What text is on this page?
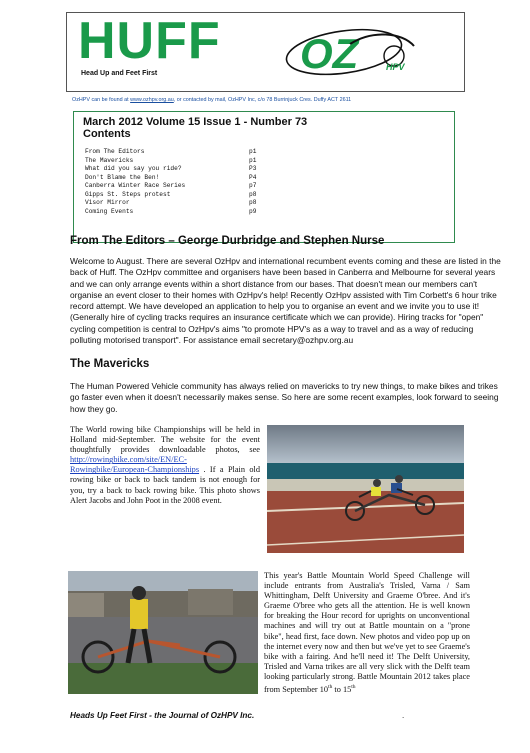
HUFF
Head Up and Feet First	OZ	HPV
OzHPV can be found at www.ozhpv.org.au, or contacted by mail, OzHPV Inc, c/o 78 Burrinjuck Cres. Duffy ACT 2611
March 2012 Volume 15 Issue 1 - Number 73
Contents
From The Editors	p1
The Mavericks	p1
What did you say you ride?	P3
Don't Blame the Ben!	P4
Canberra Winter Race Series	p7
Gipps St. Steps protest	p8
Visor Mirror	p8
Coming Events	p9
From The Editors – George Durbridge and Stephen Nurse
Welcome to August. There are several OzHpv and international recumbent events coming and these are listed in the back of Huff. The OzHpv committee and organisers have been based in Canberra and Melbourne for several years and we can only arrange events within a short distance from our bases. That doesn't mean our members can't organise an event closer to their homes with OzHpv's help! Recently OzHpv assisted with Tim Corbett's 6 hour trike record attempt. We have developed an application to help you to organise an event and we invite you to use it! (Generally hire of cycling tracks requires an insurance certificate which we can provide). Hiring tracks for "open" cycling competition is central to OzHpv's aims "to promote HPV's as a way to travel and as a way of reducing polluting motorised transport". For assistance email secretary@ozhpv.org.au
The Mavericks
The Human Powered Vehicle community has always relied on mavericks to try new things, to make bikes and trikes go faster even when it doesn't necessarily makes sense. So here are some recent examples, look forward to seeing how they go.
The World rowing bike Championships will be held in Holland mid-September. The website for the event thoughtfully provides downloadable photos, see http://rowingbike.com/site/EN/EC-Rowingbike/European-Championships . If a Plain old rowing bike or back to back tandem is not enough for you, try a back to back rowing bike. This photo shows Alert Jacobs and John Poot in the 2008 event.
This year's Battle Mountain World Speed Challenge will include entrants from Australia's Trisled, Varna / Sam Whittingham, Delft University and Graeme O'bree. And it's Graeme O'bree who gets all the attention. He is well known for breaking the Hour record for uprights on unconventional machines and will try out at Battle mountain on a "prone bike", head first, face down. New photos and video pop up on the internet every now and then but we've yet to see Graeme's bike with a fairing. And he'll need it! The Delft University, Trisled and Varna trikes are all very slick with the Delft team looking particularly strong. Battle Mountain 2012 takes place from September 10th to 15th
Heads Up Feet First - the Journal of OzHPV Inc.	.
